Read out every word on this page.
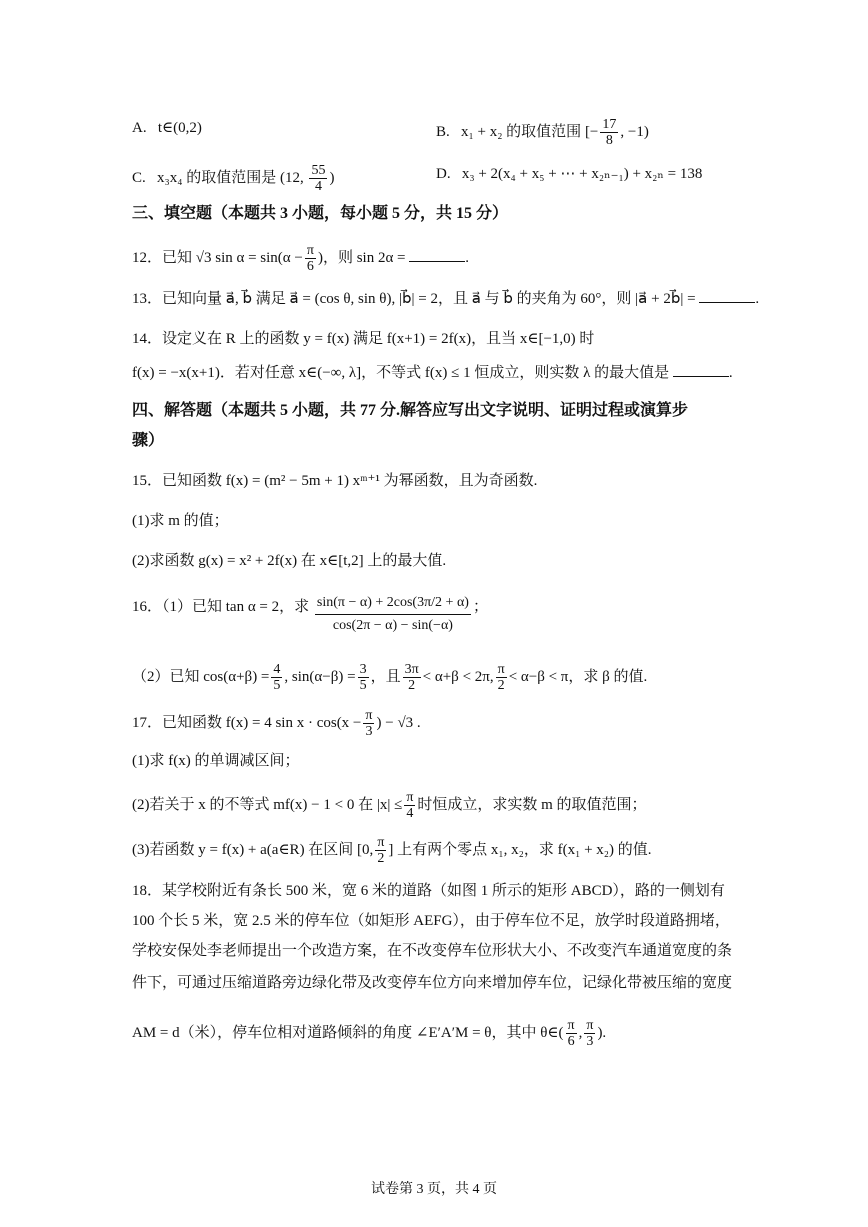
A. t∈(0,2)	B. x₁ + x₂ 的取值范围 [− $\frac{17}{8}$ , −1)
C. x₃x₄ 的取值范围是 (12, $\frac{55}{4}$ )	D. x₃ + 2(x₄ + x₅ + ⋯ + x₂ₙ₋₁) + x₂ₙ = 138
三、填空题（本题共 3 小题，每小题 5 分，共 15 分）
12．已知 √3 $\sin \alpha = \sin(\alpha - \frac{\pi}{6}$ )，则 sin 2α =	.
13．已知向量 a⃗, b⃗ 满足 a⃗ = (cos θ, sin θ), |b⃗| = 2，且 a⃗ 与 b⃗ 的夹角为 60°，则 |a⃗ + 2b⃗| =	.
14．设定义在 R 上的函数 y = f(x) 满足 f(x+1) = 2f(x)，且当 x∈[−1,0) 时
f(x) = −x(x+1)．若对任意 x∈(−∞, λ]，不等式 f(x) ≤ 1 恒成立，则实数 λ 的最大值是	.
四、解答题（本题共 5 小题，共 77 分.解答应写出文字说明、证明过程或演算步
骤）
15．已知函数 f(x) = (m² − 5m + 1) xᵐ⁺¹ 为幂函数，且为奇函数.
(1)求 m 的值；
(2)求函数 g(x) = x² + 2f(x) 在 x∈[t,2] 上的最大值.
16．（1）已知 tan α = 2，求 $\frac{\sin(\pi - \alpha) + 2\cos(3\pi/2 + \alpha)}{\cos(2\pi - \alpha) - \sin(-\alpha)}$ ；
（2）已知 $\cos(\alpha+\beta) = \frac{4}{5}$ , $\sin(\alpha-\beta) = \frac{3}{5}$ ，且 $\frac{3\pi}{2} < \alpha+\beta < 2\pi$, $\frac{\pi}{2} < \alpha-\beta < \pi$，求 β 的值.
17．已知函数 f(x) = 4 $\sin x \cdot \cos(x - \frac{\pi}{3}$ ) − √3 .
(1)求 f(x) 的单调减区间；
(2)若关于 x 的不等式 mf(x) − 1 < 0 在 $|x| \le \frac{\pi}{4}$ 时恒成立，求实数 m 的取值范围；
(3)若函数 y = f(x) + a(a∈R) 在区间 [0, $\frac{\pi}{2}$ ] 上有两个零点 x₁, x₂，求 f(x₁ + x₂) 的值.
18．某学校附近有条长 500 米，宽 6 米的道路（如图 1 所示的矩形 ABCD），路的一侧划有
100 个长 5 米，宽 2.5 米的停车位（如矩形 AEFG），由于停车位不足，放学时段道路拥堵，
学校安保处李老师提出一个改造方案，在不改变停车位形状大小、不改变汽车通道宽度的条
件下，可通过压缩道路旁边绿化带及改变停车位方向来增加停车位，记绿化带被压缩的宽度
AM = d（米），停车位相对道路倾斜的角度 ∠E′A′M = θ，其中 θ∈( $\frac{\pi}{6}$ , $\frac{\pi}{3}$ ).
试卷第 3 页，共 4 页
